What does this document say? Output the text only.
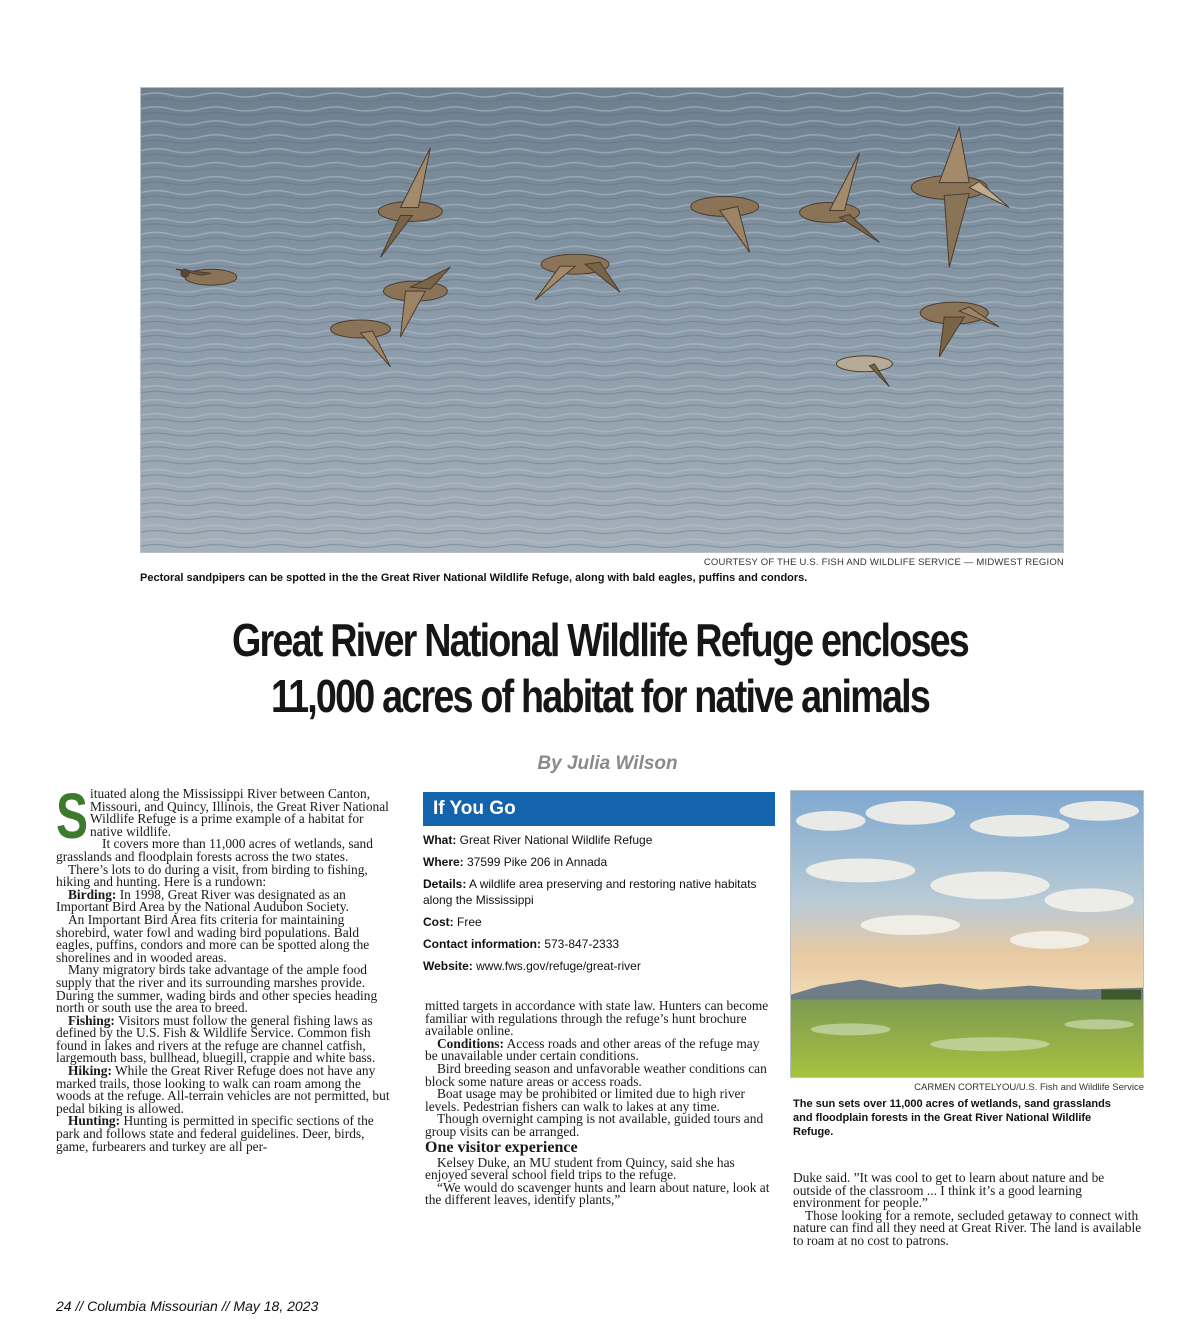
COURTESY OF THE U.S. FISH AND WILDLIFE SERVICE — MIDWEST REGION
Pectoral sandpipers can be spotted in the the Great River National Wildlife Refuge, along with bald eagles, puffins and condors.
Great River National Wildlife Refuge encloses
11,000 acres of habitat for native animals
By Julia Wilson

Situated along the Mississippi River between Canton, Missouri, and Quincy, Illinois, the Great River National Wildlife Refuge is a prime example of a habitat for native wildlife.

It covers more than 11,000 acres of wetlands, sand grasslands and floodplain forests across the two states.

There’s lots to do during a visit, from birding to fishing, hiking and hunting. Here is a rundown:

Birding: In 1998, Great River was designated as an Important Bird Area by the National Audubon Society.

An Important Bird Area fits criteria for maintaining shorebird, water fowl and wading bird populations. Bald eagles, puffins, condors and more can be spotted along the shorelines and in wooded areas.

Many migratory birds take advantage of the ample food supply that the river and its surrounding marshes provide. During the summer, wading birds and other species heading north or south use the area to breed.

Fishing: Visitors must follow the general fishing laws as defined by the U.S. Fish & Wildlife Service. Common fish found in lakes and rivers at the refuge are channel catfish, largemouth bass, bullhead, bluegill, crappie and white bass.

Hiking: While the Great River Refuge does not have any marked trails, those looking to walk can roam among the woods at the refuge. All-terrain vehicles are not permitted, but pedal biking is allowed.

Hunting: Hunting is permitted in specific sections of the park and follows state and federal guidelines. Deer, birds, game, furbearers and turkey are all per-

If You Go
What: Great River National Wildlife Refuge
Where: 37599 Pike 206 in Annada
Details: A wildlife area preserving and restoring native habitats along the Mississippi
Cost: Free
Contact information: 573-847-2333
Website: www.fws.gov/refuge/great-river

mitted targets in accordance with state law. Hunters can become familiar with regulations through the refuge’s hunt brochure available online.

Conditions: Access roads and other areas of the refuge may be unavailable under certain conditions.

Bird breeding season and unfavorable weather conditions can block some nature areas or access roads.

Boat usage may be prohibited or limited due to high river levels. Pedestrian fishers can walk to lakes at any time.

Though overnight camping is not available, guided tours and group visits can be arranged.

One visitor experience

Kelsey Duke, an MU student from Quincy, said she has enjoyed several school field trips to the refuge.

“We would do scavenger hunts and learn about nature, look at the different leaves, identify plants,”

CARMEN CORTELYOU/U.S. Fish and Wildlife Service
The sun sets over 11,000 acres of wetlands, sand grasslands and floodplain forests in the Great River National Wildlife Refuge.

Duke said. ”It was cool to get to learn about nature and be outside of the classroom ... I think it’s a good learning environment for people.”

Those looking for a remote, secluded getaway to connect with nature can find all they need at Great River. The land is available to roam at no cost to patrons.

24 // Columbia Missourian // May 18, 2023
